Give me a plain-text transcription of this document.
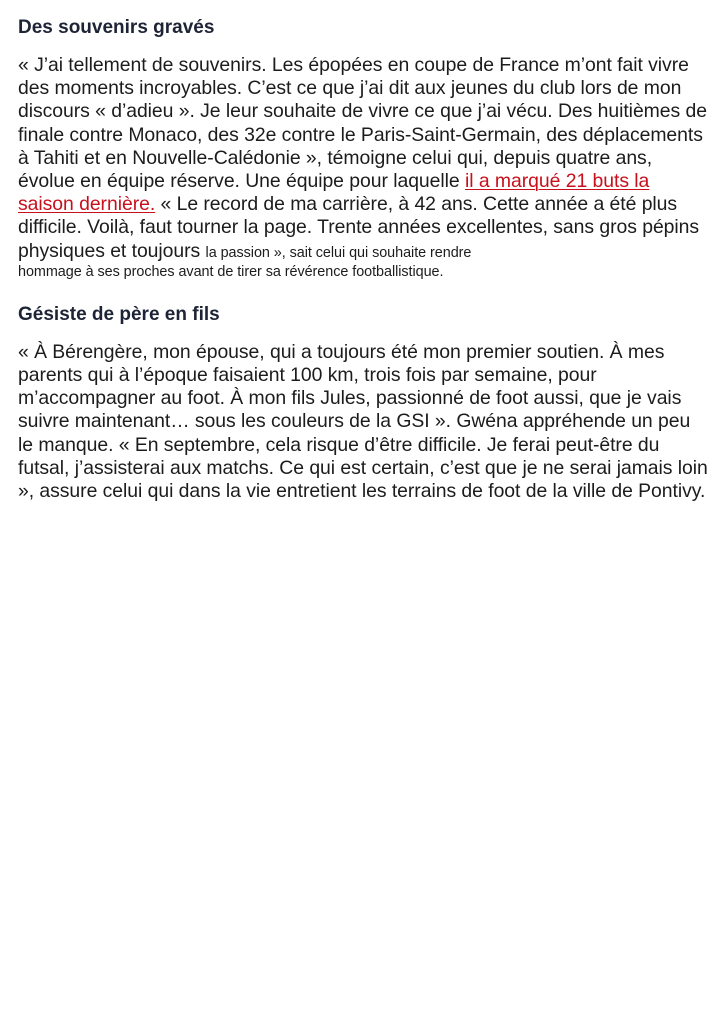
Des souvenirs gravés

« J’ai tellement de souvenirs. Les épopées en coupe de France m’ont fait vivre des moments incroyables. C’est ce que j’ai dit aux jeunes du club lors de mon discours « d’adieu ». Je leur souhaite de vivre ce que j’ai vécu. Des huitièmes de finale contre Monaco, des 32e contre le Paris-Saint-Germain, des déplacements à Tahiti et en Nouvelle-Calédonie », témoigne celui qui, depuis quatre ans, évolue en équipe réserve. Une équipe pour laquelle il a marqué 21 buts la saison dernière. « Le record de ma carrière, à 42 ans. Cette année a été plus difficile. Voilà, faut tourner la page. Trente années excellentes, sans gros pépins physiques et toujours la passion », sait celui qui souhaite rendre
hommage à ses proches avant de tirer sa révérence footballistique.

Gésiste de père en fils

« À Bérengère, mon épouse, qui a toujours été mon premier soutien. À mes parents qui à l’époque faisaient 100 km, trois fois par semaine, pour m’accompagner au foot. À mon fils Jules, passionné de foot aussi, que je vais suivre maintenant… sous les couleurs de la GSI ». Gwéna appréhende un peu le manque. « En septembre, cela risque d’être difficile. Je ferai peut-être du futsal, j’assisterai aux matchs. Ce qui est certain, c’est que je ne serai jamais loin », assure celui qui dans la vie entretient les terrains de foot de la ville de Pontivy.
